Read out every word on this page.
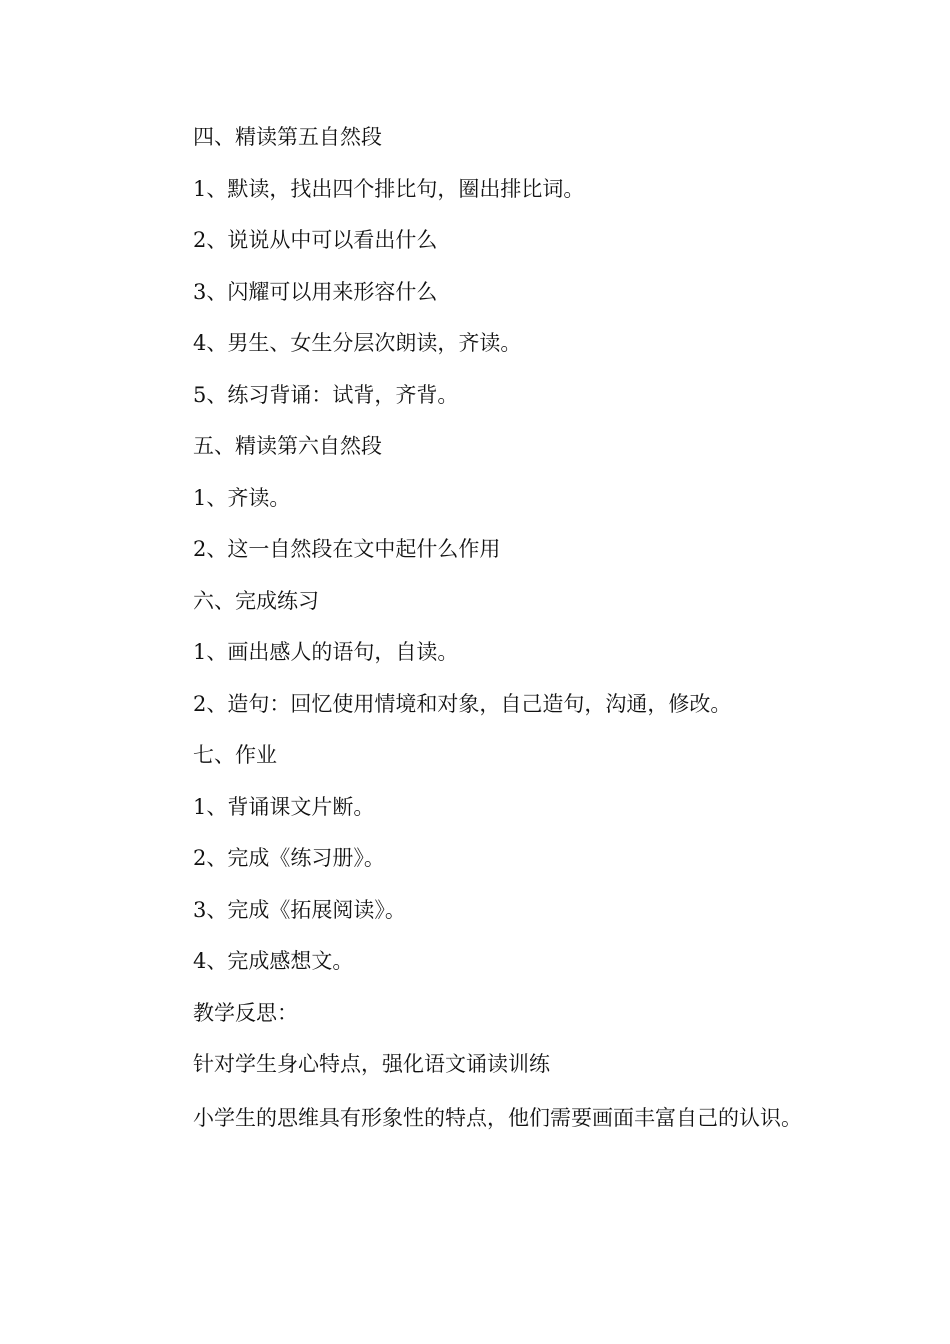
四、精读第五自然段
1、默读，找出四个排比句，圈出排比词。
2、说说从中可以看出什么
3、闪耀可以用来形容什么
4、男生、女生分层次朗读，齐读。
5、练习背诵：试背，齐背。
五、精读第六自然段
1、齐读。
2、这一自然段在文中起什么作用
六、完成练习
1、画出感人的语句，自读。
2、造句：回忆使用情境和对象，自己造句，沟通，修改。
七、作业
1、背诵课文片断。
2、完成《练习册》。
3、完成《拓展阅读》。
4、完成感想文。
教学反思：
针对学生身心特点，强化语文诵读训练
小学生的思维具有形象性的特点，他们需要画面丰富自己的认识。
